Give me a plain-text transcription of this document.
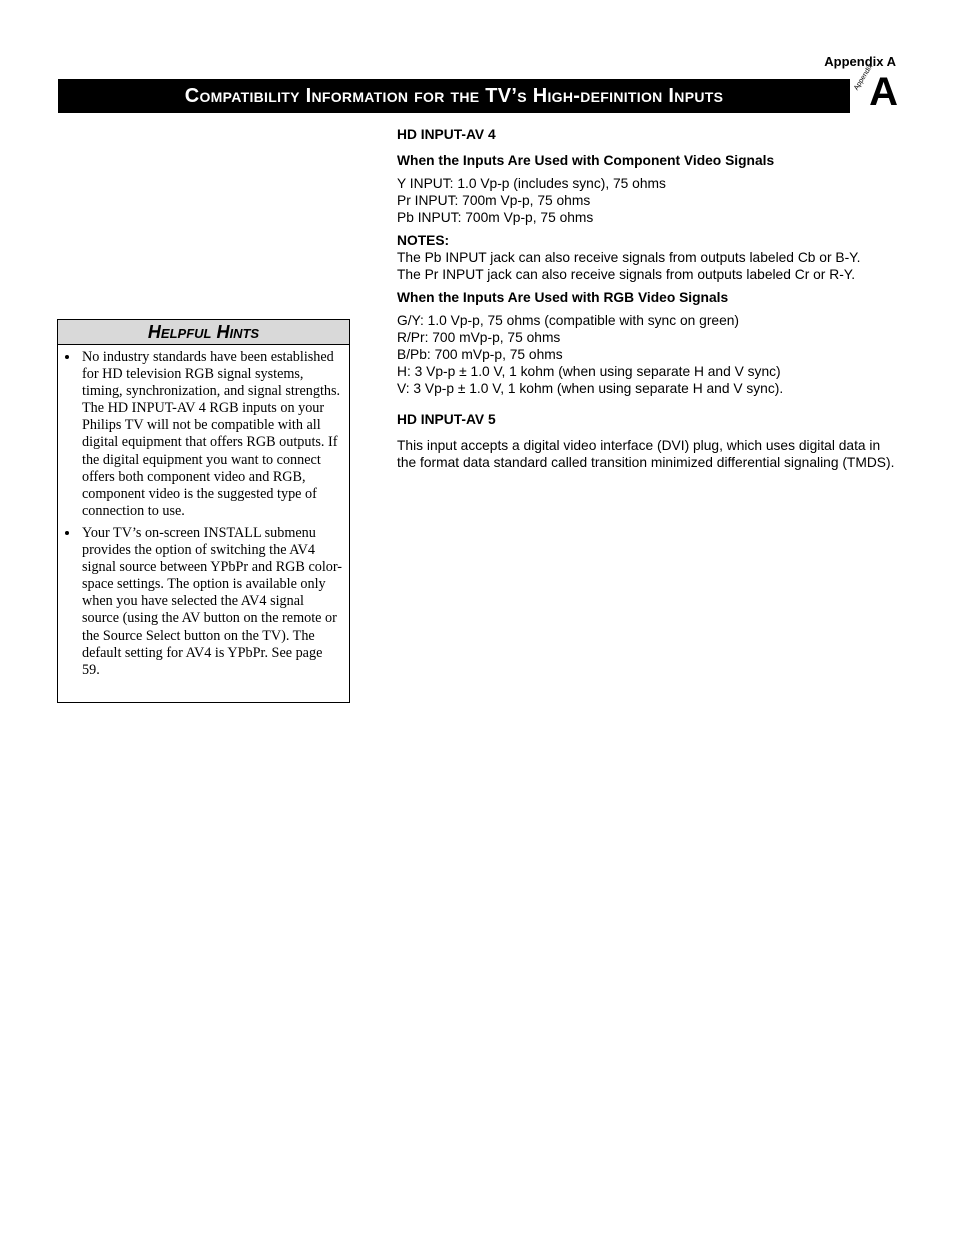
Appendix A
Compatibility Information for the TV’s High-definition Inputs
Appendix
A
Helpful Hints
• No industry standards have been established for HD television RGB signal systems, timing, synchronization, and signal strengths. The HD INPUT-AV 4 RGB inputs on your Philips TV will not be compatible with all digital equipment that offers RGB outputs. If the digital equipment you want to connect offers both component video and RGB, component video is the suggested type of connection to use.
• Your TV’s on-screen INSTALL submenu provides the option of switching the AV4 signal source between YPbPr and RGB color-space settings. The option is available only when you have selected the AV4 signal source (using the AV button on the remote or the Source Select button on the TV). The default setting for AV4 is YPbPr. See page 59.

HD INPUT-AV 4

When the Inputs Are Used with Component Video Signals

Y INPUT: 1.0 Vp-p (includes sync), 75 ohms

Pr INPUT: 700m Vp-p, 75 ohms

Pb INPUT: 700m Vp-p, 75 ohms

NOTES:

The Pb INPUT jack can also receive signals from outputs labeled Cb or B-Y.

The Pr INPUT jack can also receive signals from outputs labeled Cr or R-Y.

When the Inputs Are Used with RGB Video Signals

G/Y: 1.0 Vp-p, 75 ohms (compatible with sync on green)

R/Pr: 700 mVp-p, 75 ohms

B/Pb: 700 mVp-p, 75 ohms

H: 3 Vp-p ± 1.0 V, 1 kohm (when using separate H and V sync)

V: 3 Vp-p ± 1.0 V, 1 kohm (when using separate H and V sync).

HD INPUT-AV 5

This input accepts a digital video interface (DVI) plug, which uses digital data in the format data standard called transition minimized differential signaling (TMDS).
